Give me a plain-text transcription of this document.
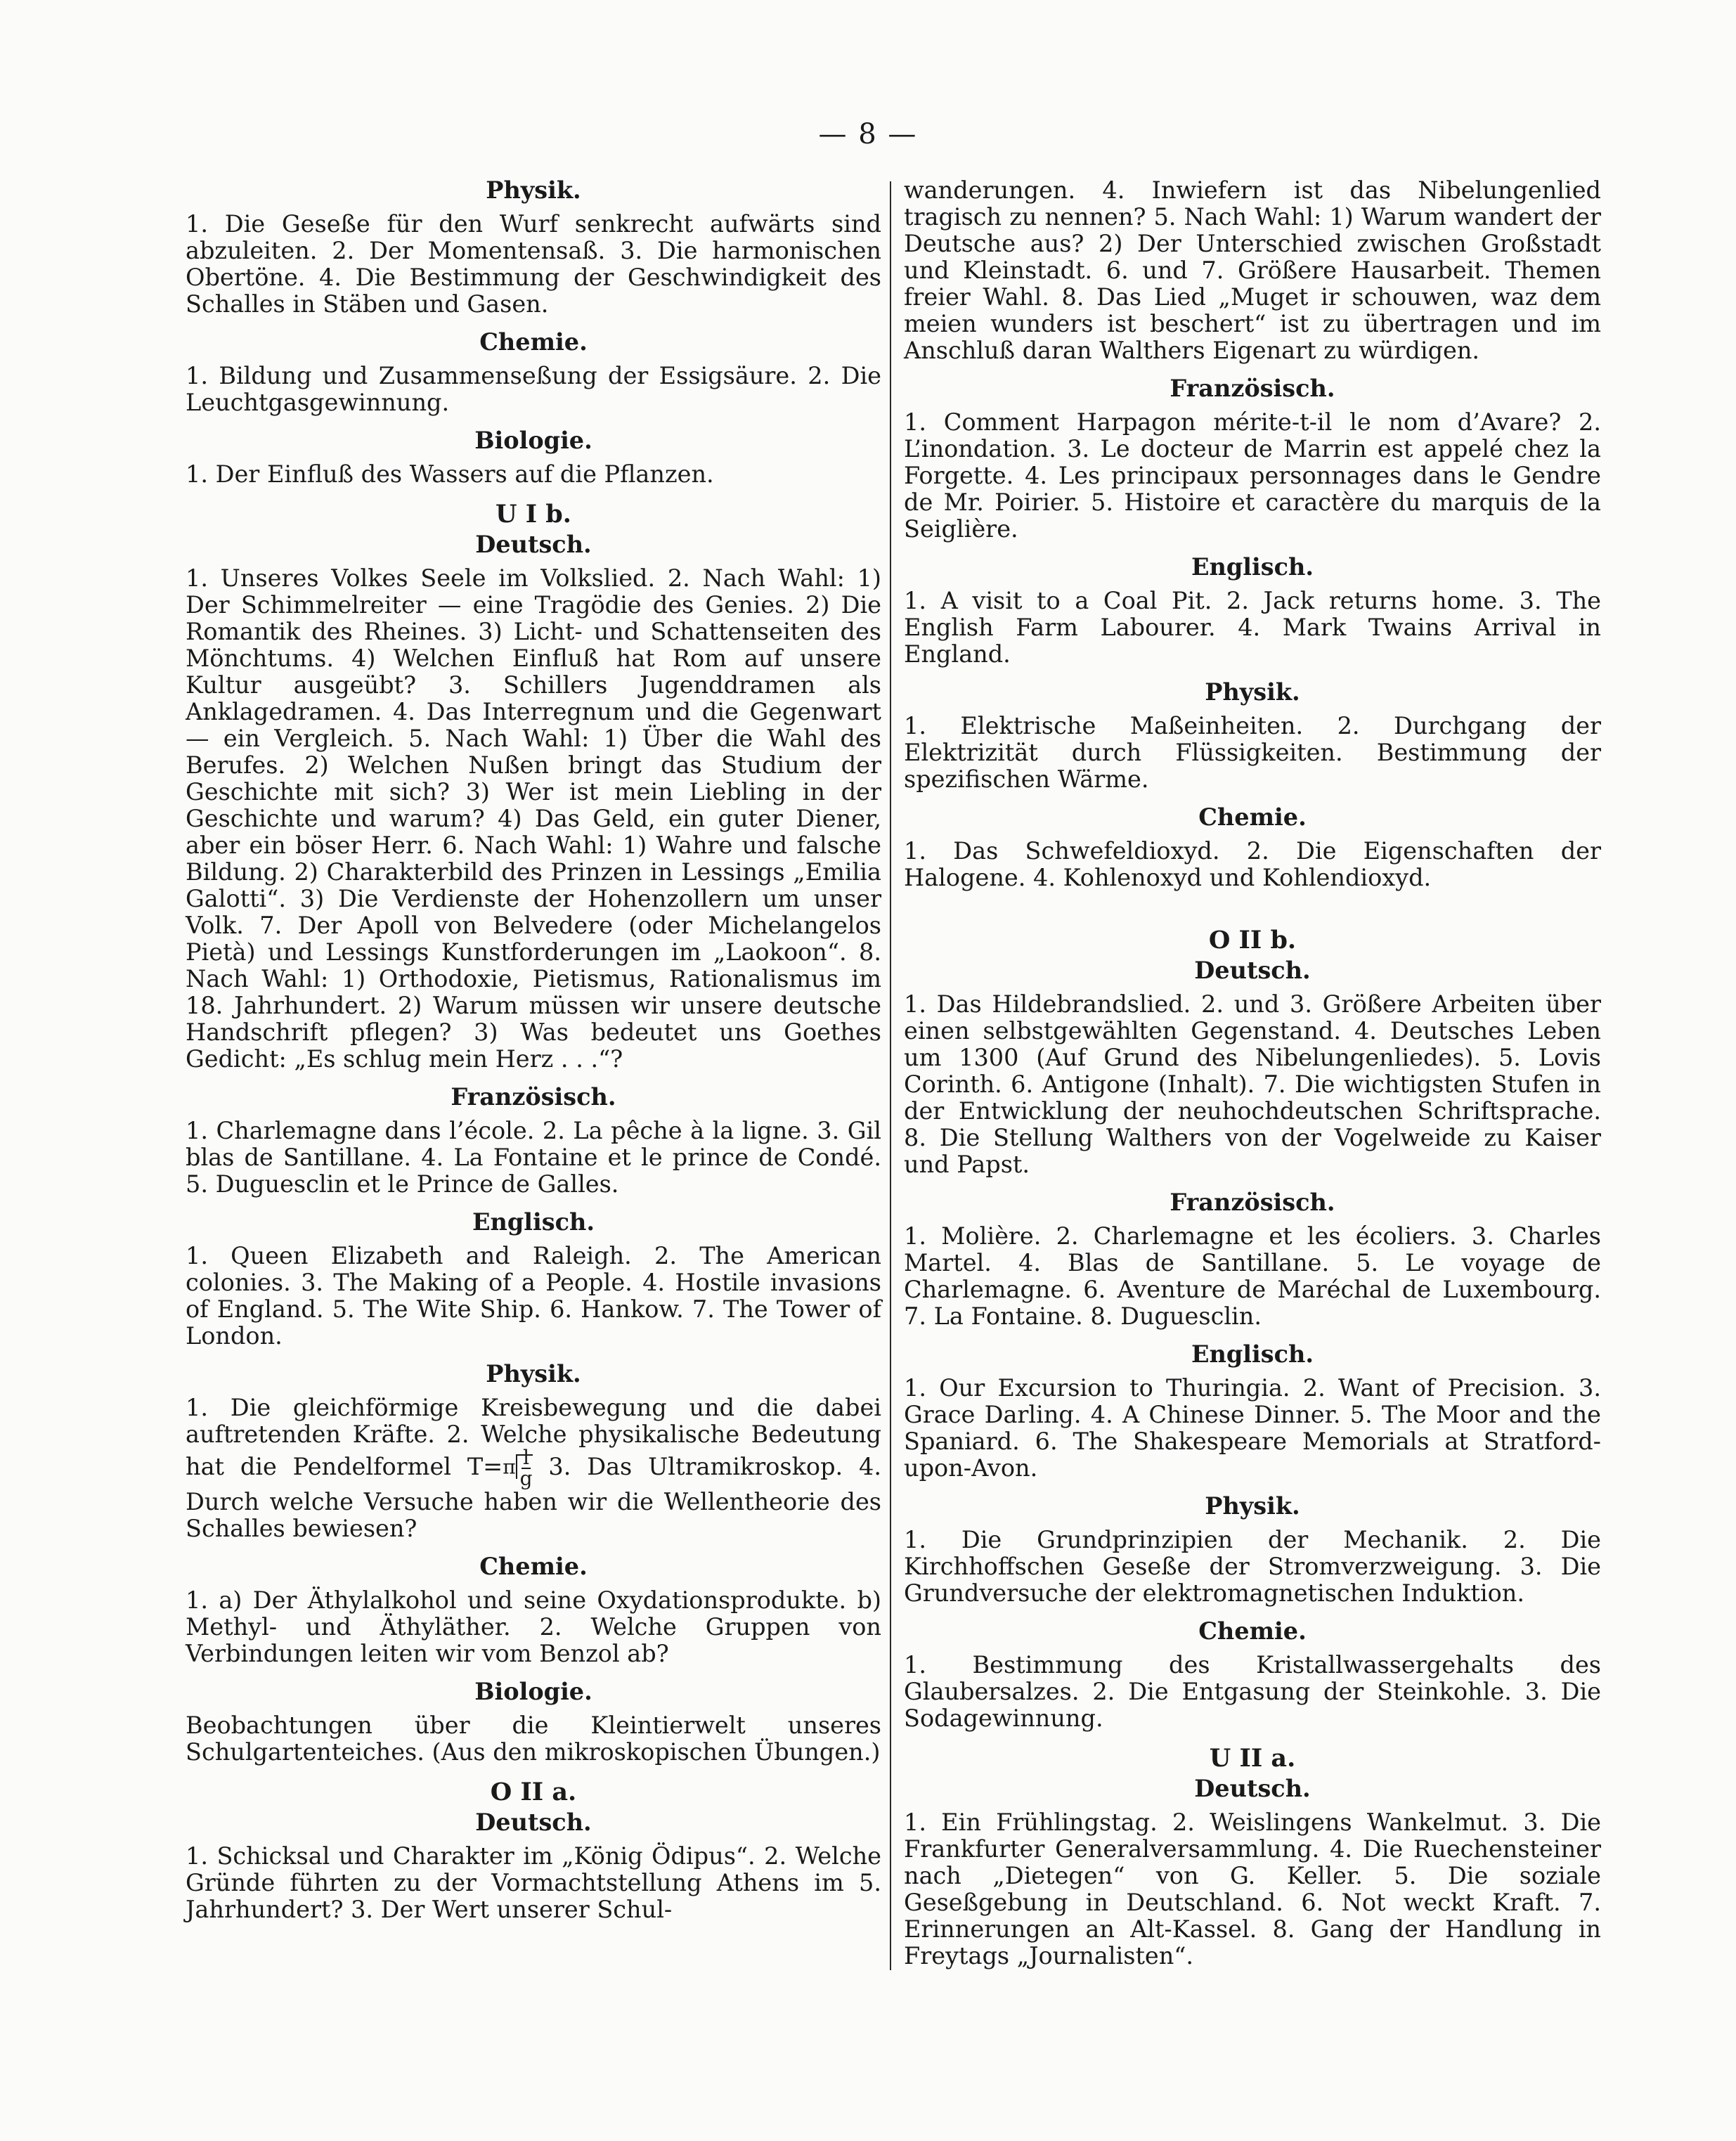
— 8 —
Physik.

1. Die Geseße für den Wurf senkrecht aufwärts sind abzuleiten. 2. Der Momentensaß. 3. Die harmonischen Obertöne. 4. Die Bestimmung der Geschwindigkeit des Schalles in Stäben und Gasen.

Chemie.

1. Bildung und Zusammenseßung der Essigsäure. 2. Die Leuchtgasgewinnung.

Biologie.

1. Der Einfluß des Wassers auf die Pflanzen.

U I b.
Deutsch.

1. Unseres Volkes Seele im Volkslied. 2. Nach Wahl: 1) Der Schimmelreiter — eine Tragödie des Genies. 2) Die Romantik des Rheines. 3) Licht- und Schattenseiten des Mönchtums. 4) Welchen Einfluß hat Rom auf unsere Kultur ausgeübt? 3. Schillers Jugenddramen als Anklagedramen. 4. Das Interregnum und die Gegenwart — ein Vergleich. 5. Nach Wahl: 1) Über die Wahl des Berufes. 2) Welchen Nußen bringt das Studium der Geschichte mit sich? 3) Wer ist mein Liebling in der Geschichte und warum? 4) Das Geld, ein guter Diener, aber ein böser Herr. 6. Nach Wahl: 1) Wahre und falsche Bildung. 2) Charakterbild des Prinzen in Lessings „Emilia Galotti“. 3) Die Verdienste der Hohenzollern um unser Volk. 7. Der Apoll von Belvedere (oder Michelangelos Pietà) und Lessings Kunstforderungen im „Laokoon“. 8. Nach Wahl: 1) Orthodoxie, Pietismus, Rationalismus im 18. Jahrhundert. 2) Warum müssen wir unsere deutsche Handschrift pflegen? 3) Was bedeutet uns Goethes Gedicht: „Es schlug mein Herz . . .“?

Französisch.

1. Charlemagne dans l’école. 2. La pêche à la ligne. 3. Gil blas de Santillane. 4. La Fontaine et le prince de Condé. 5. Duguesclin et le Prince de Galles.

Englisch.

1. Queen Elizabeth and Raleigh. 2. The American colonies. 3. The Making of a People. 4. Hostile invasions of England. 5. The Wite Ship. 6. Hankow. 7. The Tower of London.

Physik.

1. Die gleichförmige Kreisbewegung und die dabei auftretenden Kräfte. 2. Welche physikalische Bedeutung hat die Pendelformel $T=\pi \frac{l}{g} 3$. Das Ultramikroskop. 4. Durch welche Versuche haben wir die Wellentheorie des Schalles bewiesen?

Chemie.

1. a) Der Äthylalkohol und seine Oxydationsprodukte. b) Methyl- und Äthyläther. 2. Welche Gruppen von Verbindungen leiten wir vom Benzol ab?

Biologie.

Beobachtungen über die Kleintierwelt unseres Schulgartenteiches. (Aus den mikroskopischen Übungen.)

O II a.
Deutsch.

1. Schicksal und Charakter im „König Ödipus“. 2. Welche Gründe führten zu der Vormachtstellung Athens im 5. Jahrhundert? 3. Der Wert unserer Schul-

wanderungen. 4. Inwiefern ist das Nibelungenlied tragisch zu nennen? 5. Nach Wahl: 1) Warum wandert der Deutsche aus? 2) Der Unterschied zwischen Großstadt und Kleinstadt. 6. und 7. Größere Hausarbeit. Themen freier Wahl. 8. Das Lied „Muget ir schouwen, waz dem meien wunders ist beschert“ ist zu übertragen und im Anschluß daran Walthers Eigenart zu würdigen.

Französisch.

1. Comment Harpagon mérite-t-il le nom d’Avare? 2. L’inondation. 3. Le docteur de Marrin est appelé chez la Forgette. 4. Les principaux personnages dans le Gendre de Mr. Poirier. 5. Histoire et caractère du marquis de la Seiglière.

Englisch.

1. A visit to a Coal Pit. 2. Jack returns home. 3. The English Farm Labourer. 4. Mark Twains Arrival in England.

Physik.

1. Elektrische Maßeinheiten. 2. Durchgang der Elektrizität durch Flüssigkeiten. Bestimmung der spezifischen Wärme.

Chemie.

1. Das Schwefeldioxyd. 2. Die Eigenschaften der Halogene. 4. Kohlenoxyd und Kohlendioxyd.

O II b.
Deutsch.

1. Das Hildebrandslied. 2. und 3. Größere Arbeiten über einen selbstgewählten Gegenstand. 4. Deutsches Leben um 1300 (Auf Grund des Nibelungenliedes). 5. Lovis Corinth. 6. Antigone (Inhalt). 7. Die wichtigsten Stufen in der Entwicklung der neuhochdeutschen Schriftsprache. 8. Die Stellung Walthers von der Vogelweide zu Kaiser und Papst.

Französisch.

1. Molière. 2. Charlemagne et les écoliers. 3. Charles Martel. 4. Blas de Santillane. 5. Le voyage de Charlemagne. 6. Aventure de Maréchal de Luxembourg. 7. La Fontaine. 8. Duguesclin.

Englisch.

1. Our Excursion to Thuringia. 2. Want of Precision. 3. Grace Darling. 4. A Chinese Dinner. 5. The Moor and the Spaniard. 6. The Shakespeare Memorials at Stratford-upon-Avon.

Physik.

1. Die Grundprinzipien der Mechanik. 2. Die Kirchhoffschen Geseße der Stromverzweigung. 3. Die Grundversuche der elektromagnetischen Induktion.

Chemie.

1. Bestimmung des Kristallwassergehalts des Glaubersalzes. 2. Die Entgasung der Steinkohle. 3. Die Sodagewinnung.

U II a.
Deutsch.

1. Ein Frühlingstag. 2. Weislingens Wankelmut. 3. Die Frankfurter Generalversammlung. 4. Die Ruechensteiner nach „Dietegen“ von G. Keller. 5. Die soziale Geseßgebung in Deutschland. 6. Not weckt Kraft. 7. Erinnerungen an Alt-Kassel. 8. Gang der Handlung in Freytags „Journalisten“.
